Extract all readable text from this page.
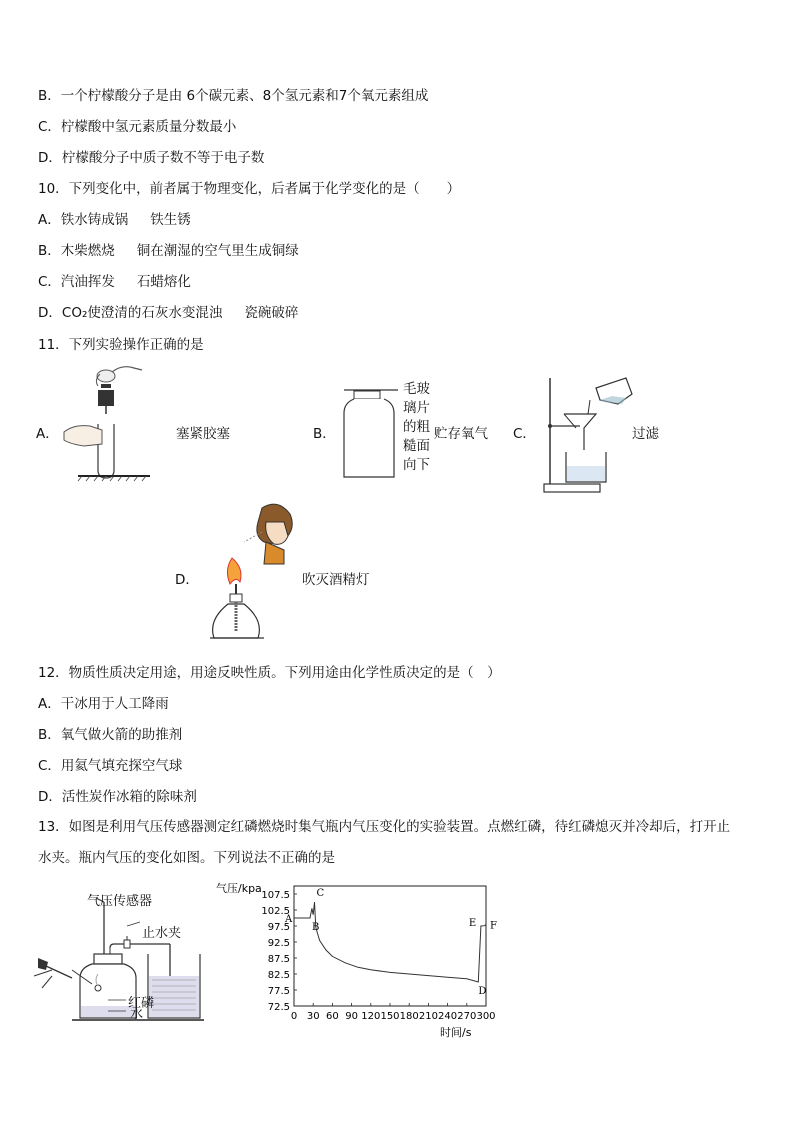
B．一个柠檬酸分子是由 6个碳元素、8个氢元素和7个氧元素组成
C．柠檬酸中氢元素质量分数最小
D．柠檬酸分子中质子数不等于电子数
10．下列变化中，前者属于物理变化，后者属于化学变化的是（　　）
A．铁水铸成锅 铁生锈
B．木柴燃烧 铜在潮湿的空气里生成铜绿
C．汽油挥发 石蜡熔化
D．CO₂使澄清的石灰水变混浊 瓷碗破碎
11．下列实验操作正确的是
A．	塞紧胶塞	B．
毛玻
璃片
的粗
糙面
向下
贮存氧气 C．	过滤
D．	吹灭酒精灯
12．物质性质决定用途，用途反映性质。下列用途由化学性质决定的是（　）
A．干冰用于人工降雨
B．氧气做火箭的助推剂
C．用氦气填充探空气球
D．活性炭作冰箱的除味剂
13．如图是利用气压传感器测定红磷燃烧时集气瓶内气压变化的实验装置。点燃红磷，待红磷熄灭并冷却后，打开止
水夹。瓶内气压的变化如图。下列说法不正确的是
气压传感器
止水夹
红磷
水
气压/kpa
时间/s
107.5
102.5
97.5
92.5
87.5
82.5
77.5
72.5
0 30 60 90 120 150 180 210 240 270 300
A
B
C
D
E F
